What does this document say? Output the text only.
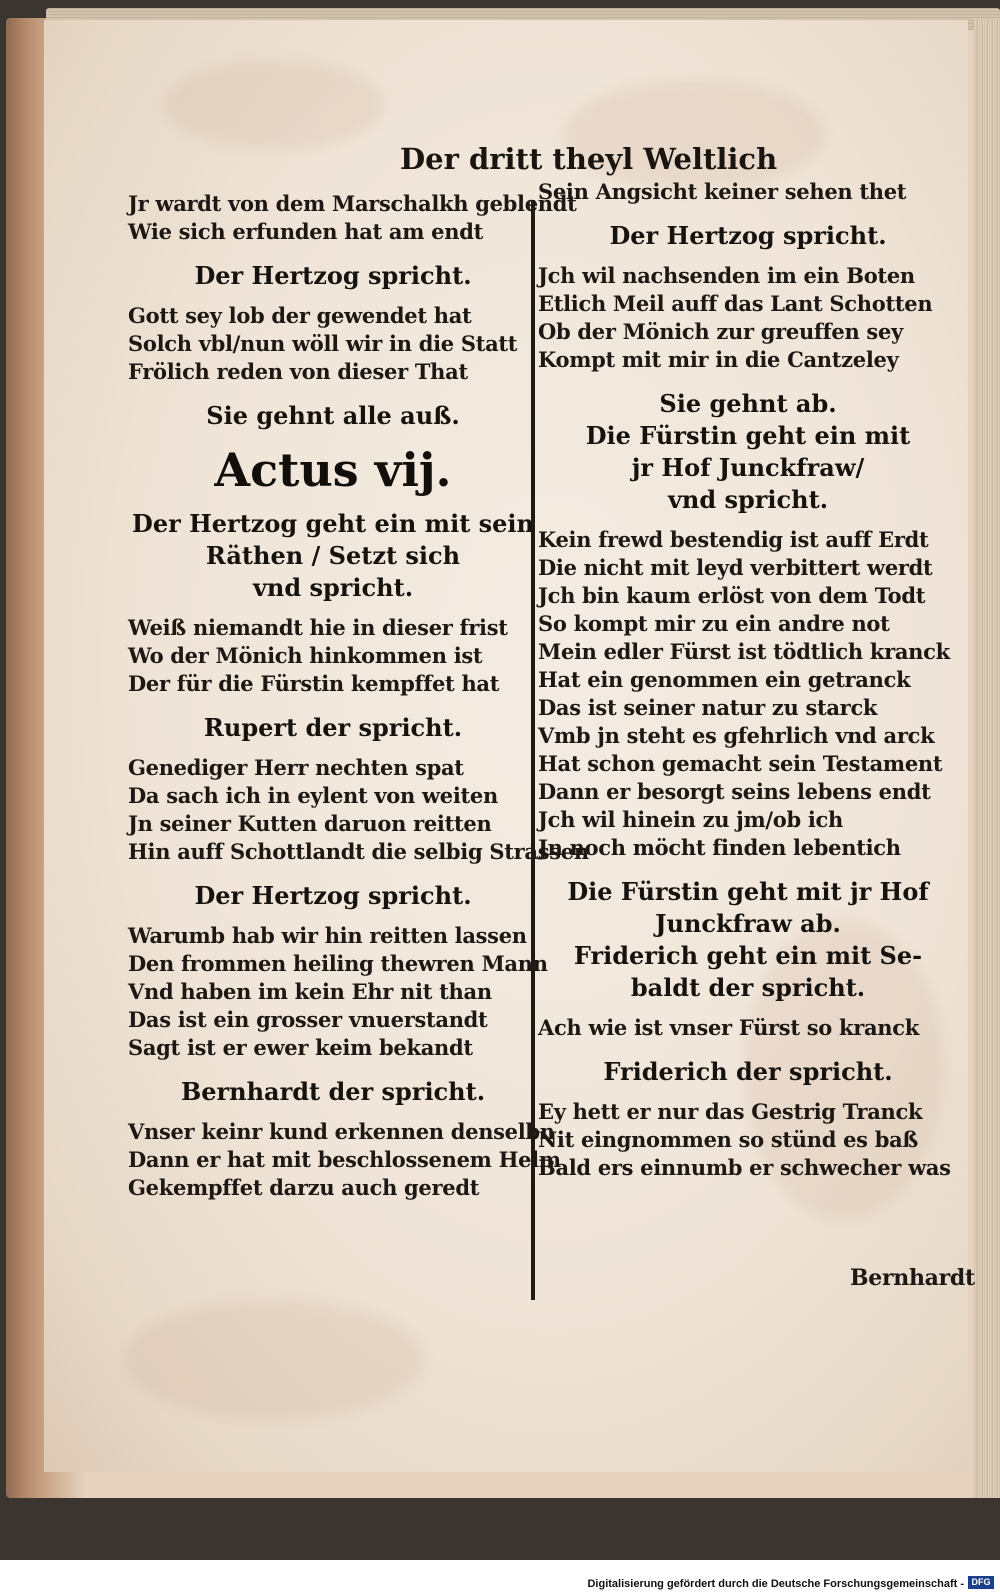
Der dritt theyl Weltlich
Jr wardt von dem Marschalkh geblendt
Wie sich erfunden hat am endt
Der Hertzog spricht.
Gott sey lob der gewendet hat
Solch vbl/nun wöll wir in die Statt
Frölich reden von dieser That
Sie gehnt alle auß.
Actus vij.
Der Hertzog geht ein mit sein
Räthen / Setzt sich
vnd spricht.
Weiß niemandt hie in dieser frist
Wo der Mönich hinkommen ist
Der für die Fürstin kempffet hat
Rupert der spricht.
Genediger Herr nechten spat
Da sach ich in eylent von weiten
Jn seiner Kutten daruon reitten
Hin auff Schottlandt die selbig Strassen
Der Hertzog spricht.
Warumb hab wir hin reitten lassen
Den frommen heiling thewren Mann
Vnd haben im kein Ehr nit than
Das ist ein grosser vnuerstandt
Sagt ist er ewer keim bekandt
Bernhardt der spricht.
Vnser keinr kund erkennen denselbn
Dann er hat mit beschlossenem Helm
Gekempffet darzu auch geredt
Sein Angsicht keiner sehen thet
Der Hertzog spricht.
Jch wil nachsenden im ein Boten
Etlich Meil auff das Lant Schotten
Ob der Mönich zur greuffen sey
Kompt mit mir in die Cantzeley
Sie gehnt ab.
Die Fürstin geht ein mit
jr Hof Junckfraw/
vnd spricht.
Kein frewd bestendig ist auff Erdt
Die nicht mit leyd verbittert werdt
Jch bin kaum erlöst von dem Todt
So kompt mir zu ein andre not
Mein edler Fürst ist tödtlich kranck
Hat ein genommen ein getranck
Das ist seiner natur zu starck
Vmb jn steht es gfehrlich vnd arck
Hat schon gemacht sein Testament
Dann er besorgt seins lebens endt
Jch wil hinein zu jm/ob ich
Jn noch möcht finden lebentich
Die Fürstin geht mit jr Hof
Junckfraw ab.
Friderich geht ein mit Se-
baldt der spricht.
Ach wie ist vnser Fürst so kranck
Friderich der spricht.
Ey hett er nur das Gestrig Tranck
Nit eingnommen so stünd es baß
Bald ers einnumb er schwecher was
Bernhardt
Digitalisierung gefördert durch die Deutsche Forschungsgemeinschaft - DFG
